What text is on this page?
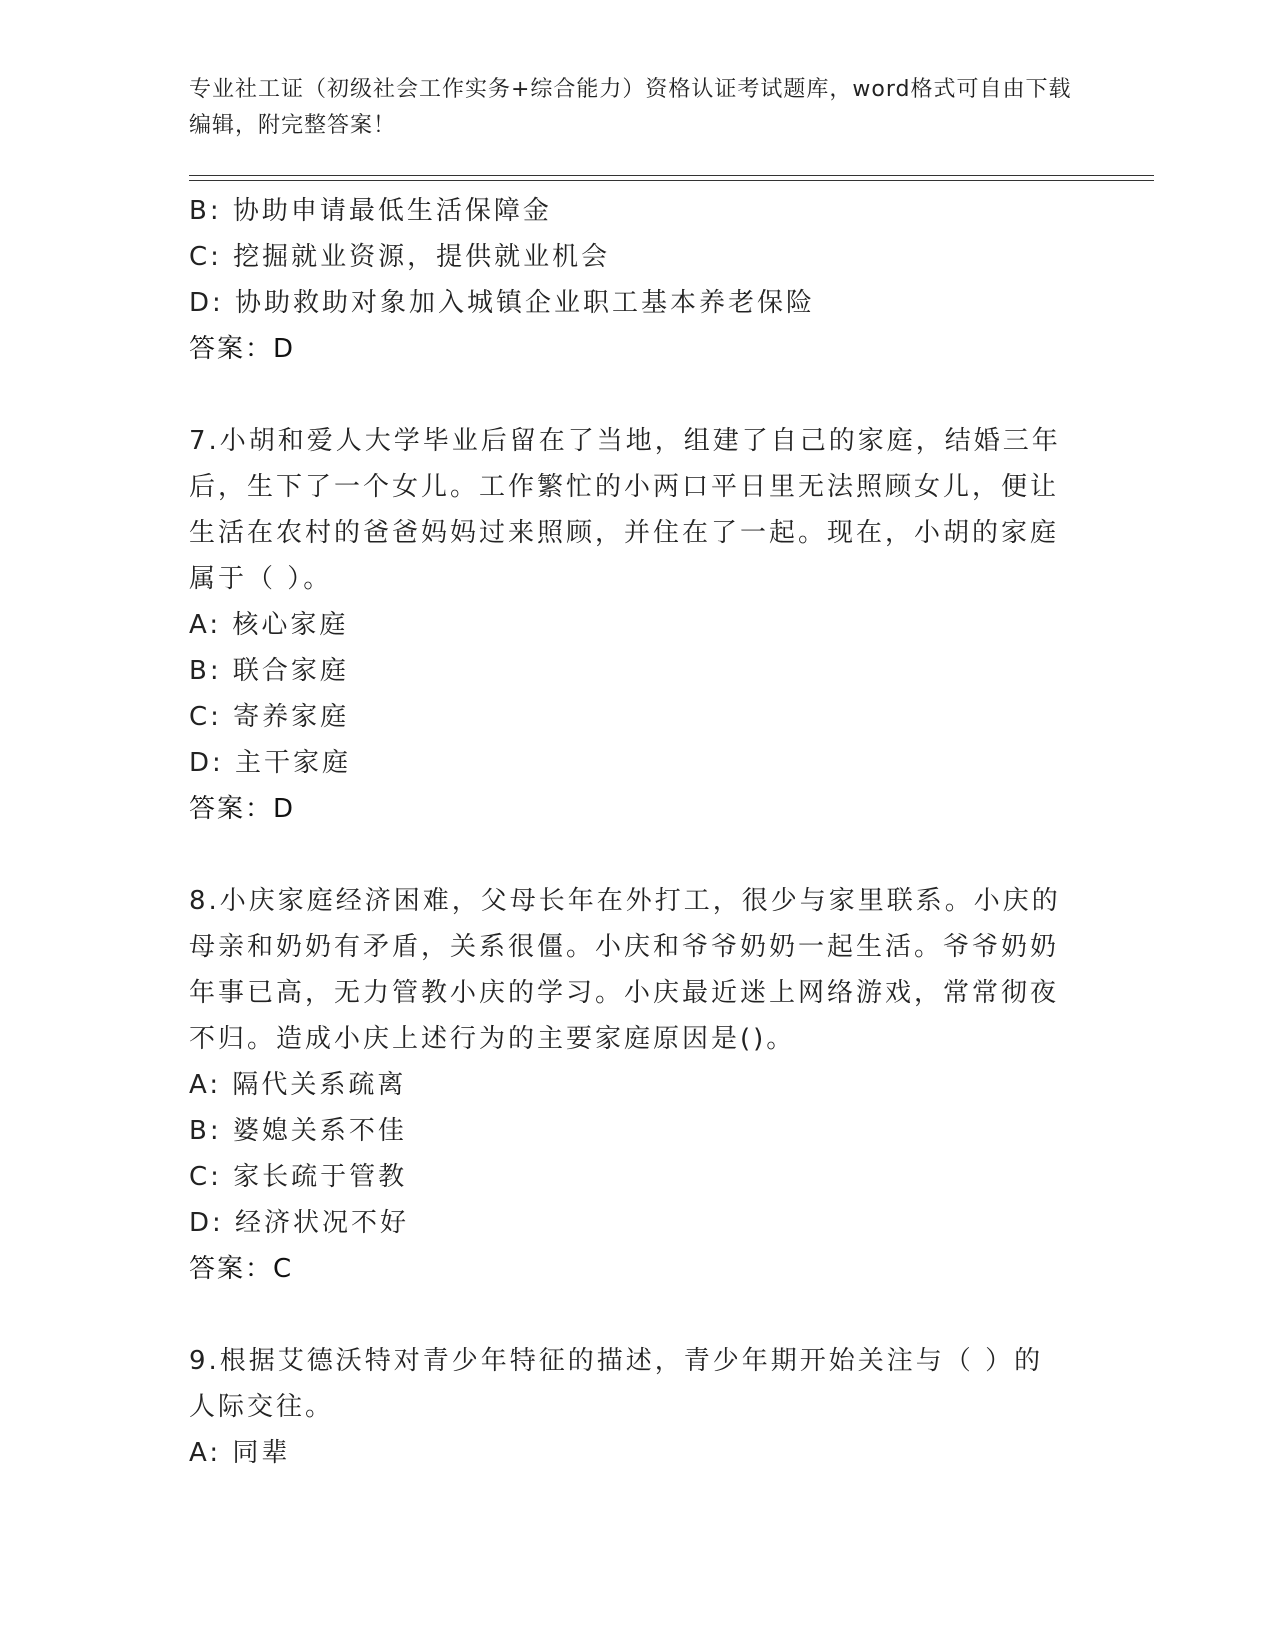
专业社工证（初级社会工作实务+综合能力）资格认证考试题库，word格式可自由下载编辑，附完整答案！
B: 协助申请最低生活保障金
C: 挖掘就业资源，提供就业机会
D: 协助救助对象加入城镇企业职工基本养老保险
答案：D
7.小胡和爱人大学毕业后留在了当地，组建了自己的家庭，结婚三年后，生下了一个女儿。工作繁忙的小两口平日里无法照顾女儿，便让生活在农村的爸爸妈妈过来照顾，并住在了一起。现在，小胡的家庭属于（ ）。
A: 核心家庭
B: 联合家庭
C: 寄养家庭
D: 主干家庭
答案：D
8.小庆家庭经济困难，父母长年在外打工，很少与家里联系。小庆的母亲和奶奶有矛盾，关系很僵。小庆和爷爷奶奶一起生活。爷爷奶奶年事已高，无力管教小庆的学习。小庆最近迷上网络游戏，常常彻夜不归。造成小庆上述行为的主要家庭原因是()。
A: 隔代关系疏离
B: 婆媳关系不佳
C: 家长疏于管教
D: 经济状况不好
答案：C
9.根据艾德沃特对青少年特征的描述，青少年期开始关注与（ ）的人际交往。
A: 同辈
